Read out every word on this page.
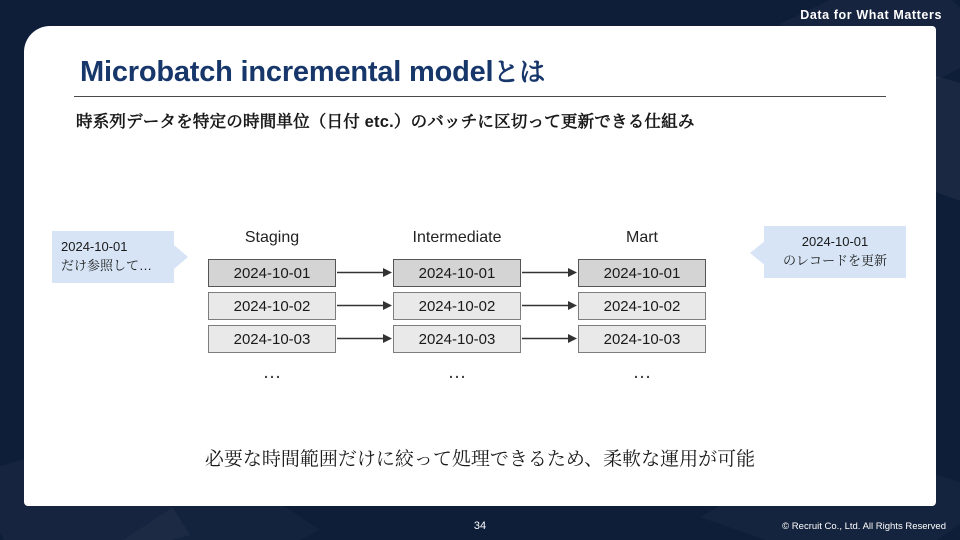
Data for What Matters
Microbatch incremental modelとは
時系列データを特定の時間単位（日付 etc.）のバッチに区切って更新できる仕組み
2024-10-01
だけ参照して…
2024-10-01
のレコードを更新
Staging
2024-10-01
2024-10-02
2024-10-03
…
Intermediate
2024-10-01
2024-10-02
2024-10-03
…
Mart
2024-10-01
2024-10-02
2024-10-03
…
必要な時間範囲だけに絞って処理できるため、柔軟な運用が可能
34	© Recruit Co., Ltd. All Rights Reserved
